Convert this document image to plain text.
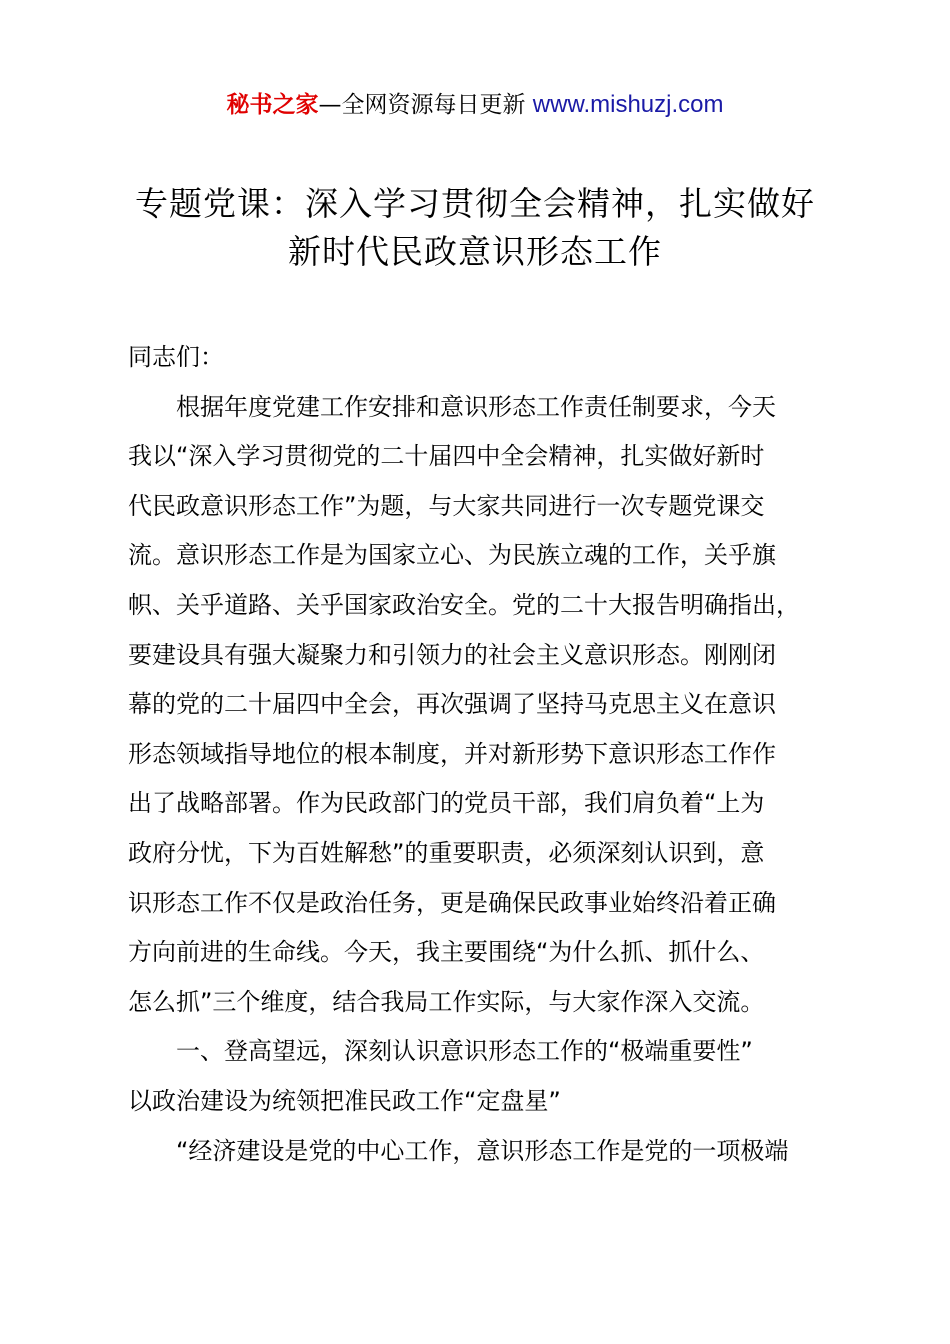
秘书之家—全网资源每日更新 www.mishuzj.com
专题党课：深入学习贯彻全会精神，扎实做好
新时代民政意识形态工作
同志们：
根据年度党建工作安排和意识形态工作责任制要求，今天
我以“深入学习贯彻党的二十届四中全会精神，扎实做好新时
代民政意识形态工作”为题，与大家共同进行一次专题党课交
流。意识形态工作是为国家立心、为民族立魂的工作，关乎旗
帜、关乎道路、关乎国家政治安全。党的二十大报告明确指出，
要建设具有强大凝聚力和引领力的社会主义意识形态。刚刚闭
幕的党的二十届四中全会，再次强调了坚持马克思主义在意识
形态领域指导地位的根本制度，并对新形势下意识形态工作作
出了战略部署。作为民政部门的党员干部，我们肩负着“上为
政府分忧，下为百姓解愁”的重要职责，必须深刻认识到，意
识形态工作不仅是政治任务，更是确保民政事业始终沿着正确
方向前进的生命线。今天，我主要围绕“为什么抓、抓什么、
怎么抓”三个维度，结合我局工作实际，与大家作深入交流。
一、登高望远，深刻认识意识形态工作的“极端重要性”
以政治建设为统领把准民政工作“定盘星”
“经济建设是党的中心工作，意识形态工作是党的一项极端
